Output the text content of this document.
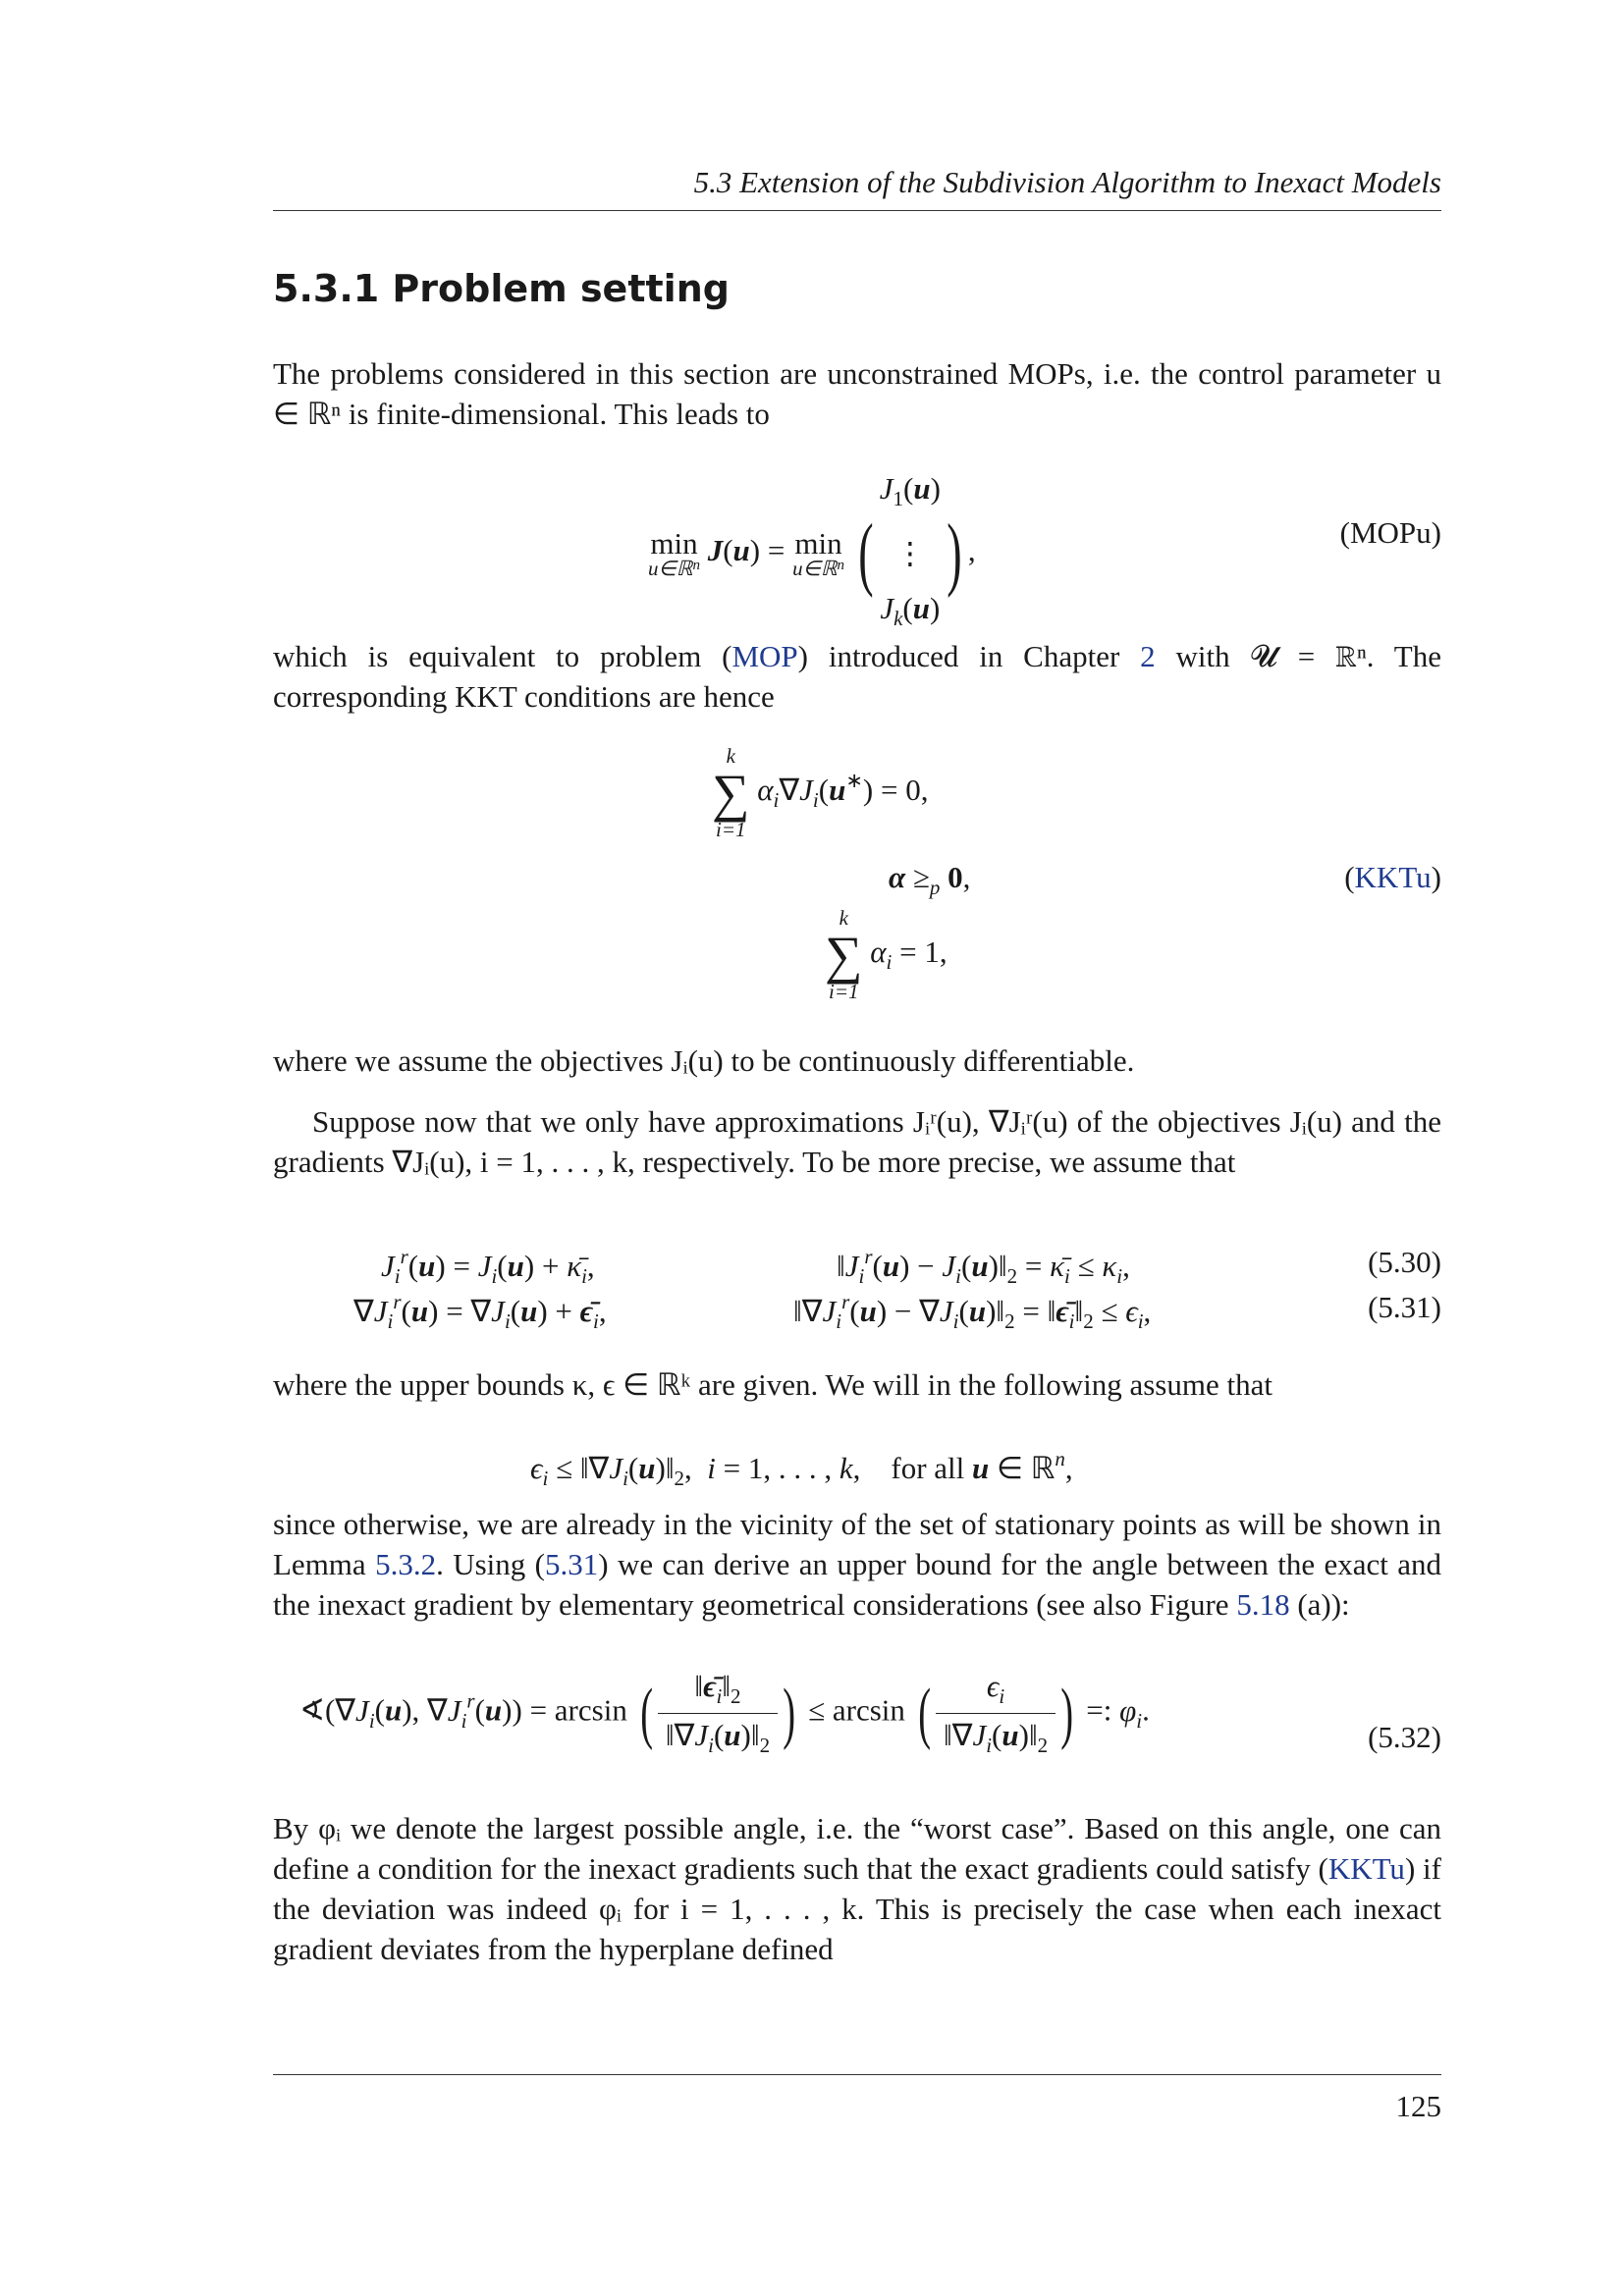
5.3 Extension of the Subdivision Algorithm to Inexact Models
5.3.1 Problem setting
The problems considered in this section are unconstrained MOPs, i.e. the control parameter u ∈ ℝⁿ is finite-dimensional. This leads to
min
u∈ℝ$^n$ J(u) = min
u∈ℝ$^n$ (
$J_1(u)$
⋮
$J_k(u)$
) ,
(MOPu)
which is equivalent to problem (MOP) introduced in Chapter 2 with 𝓤 = ℝⁿ. The corresponding KKT conditions are hence
k
∑
i=1
$\alpha_i\nabla J_i(u^∗) = 0$,
$\alpha \ge_p$ 0,	(KKTu)
k
∑
i=1
$\alpha_i = 1$,
where we assume the objectives Jᵢ(u) to be continuously differentiable.
Suppose now that we only have approximations Jᵢʳ(u), ∇Jᵢʳ(u) of the objectives Jᵢ(u) and the gradients ∇Jᵢ(u), i = 1, . . . , k, respectively. To be more precise, we assume that
$J_i^r(u) = J_i(u)$ + $\kappā_i$,	$‖J_i^r(u)$ − $J_i(u)‖_2$ = $\kappā_i \le \kappa_i$,	(5.30)
$\nabla J_i^r(u) = \nabla J_i(u)$ + $\epsilon̄_i$,	$‖\nabla J_i^r(u)$ − $\nabla J_i(u)‖_2$ = $‖\epsilon̄_i‖_2 \le \epsilon_i$,	(5.31)
where the upper bounds κ, ϵ ∈ ℝᵏ are given. We will in the following assume that
$\epsilon_i$ ≤ $‖\nabla J_i(u)‖_2$,  i = 1, . . . , k,    for all u ∈ ℝ$^n$,
since otherwise, we are already in the vicinity of the set of stationary points as will be shown in Lemma 5.3.2. Using (5.31) we can derive an upper bound for the angle between the exact and the inexact gradient by elementary geometrical considerations (see also Figure 5.18 (a)):
$∢(\nabla J_i(u)$, $\nabla J_i^r(u)) = \arcsin$ ( $\frac{‖\epsilon̄_i‖_2}{‖\nabla J_i(u)‖_2}$ ) ≤ arcsin ( $\frac{\epsilon_i}{‖\nabla J_i(u)‖_2}$ ) =: $\varphi_i$.
(5.32)
By φᵢ we denote the largest possible angle, i.e. the “worst case”. Based on this angle, one can define a condition for the inexact gradients such that the exact gradients could satisfy (KKTu) if the deviation was indeed φᵢ for i = 1, . . . , k. This is precisely the case when each inexact gradient deviates from the hyperplane defined
125
